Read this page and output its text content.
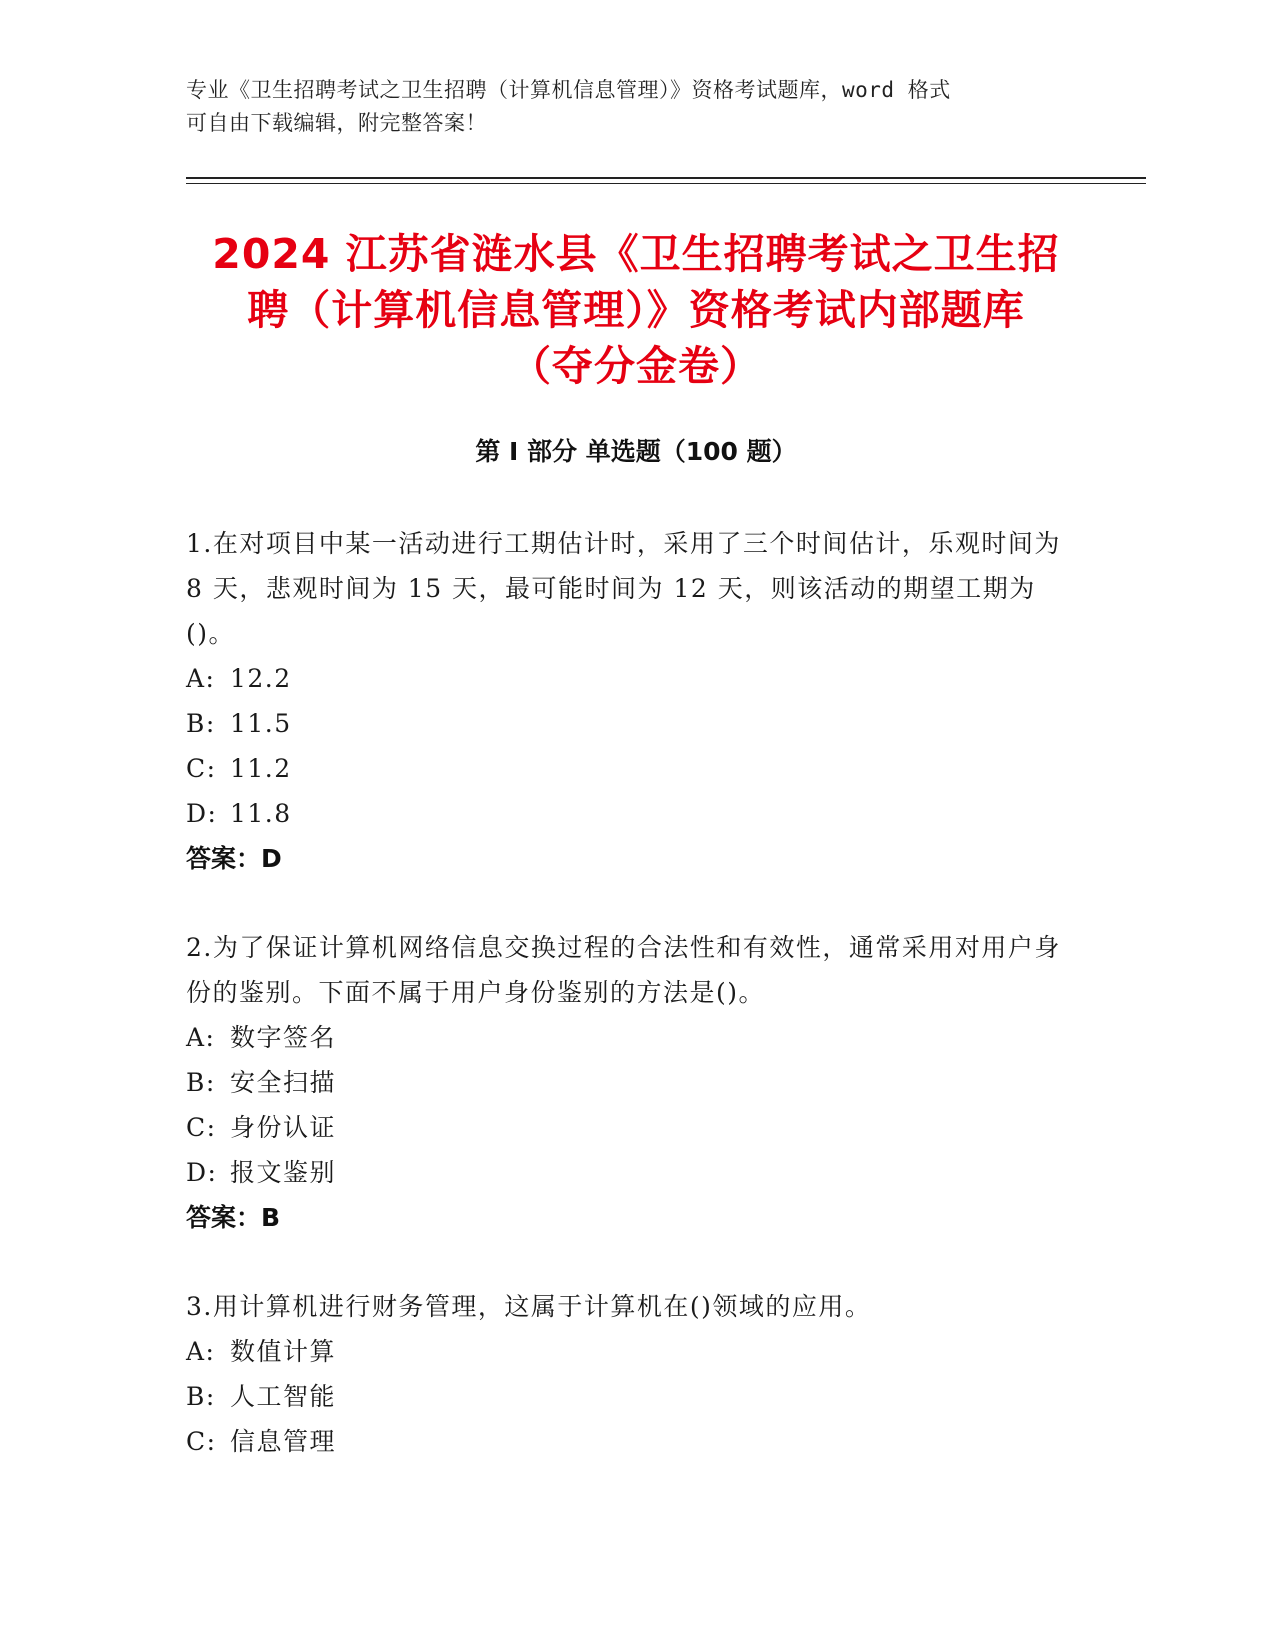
专业《卫生招聘考试之卫生招聘（计算机信息管理）》资格考试题库，word 格式
可自由下载编辑，附完整答案！
2024 江苏省涟水县《卫生招聘考试之卫生招
聘（计算机信息管理）》资格考试内部题库
（夺分金卷）
第 I 部分 单选题（100 题）
1.在对项目中某一活动进行工期估计时，采用了三个时间估计，乐观时间为 8 天，悲观时间为 15 天，最可能时间为 12 天，则该活动的期望工期为()。
A: 12.2
B: 11.5
C: 11.2
D: 11.8
答案：D
2.为了保证计算机网络信息交换过程的合法性和有效性，通常采用对用户身份的鉴别。下面不属于用户身份鉴别的方法是()。
A: 数字签名
B: 安全扫描
C: 身份认证
D: 报文鉴别
答案：B
3.用计算机进行财务管理，这属于计算机在()领域的应用。
A: 数值计算
B: 人工智能
C: 信息管理
